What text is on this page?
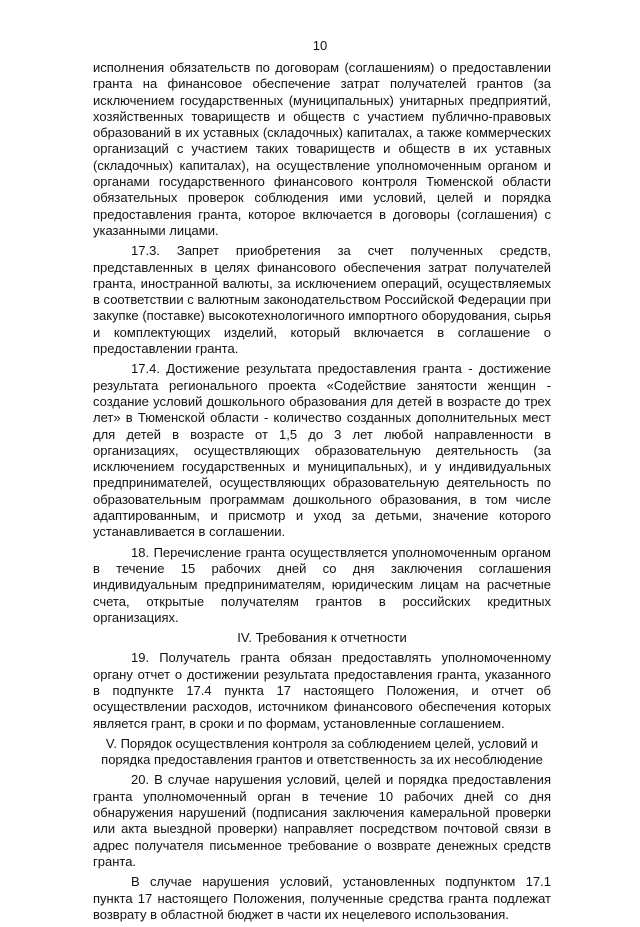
10

исполнения обязательств по договорам (соглашениям) о предоставлении гранта на финансовое обеспечение затрат получателей грантов (за исключением государственных (муниципальных) унитарных предприятий, хозяйственных товариществ и обществ с участием публично-правовых образований в их уставных (складочных) капиталах, а также коммерческих организаций с участием таких товариществ и обществ в их уставных (складочных) капиталах), на осуществление уполномоченным органом и органами государственного финансового контроля Тюменской области обязательных проверок соблюдения ими условий, целей и порядка предоставления гранта, которое включается в договоры (соглашения) с указанными лицами.

17.3. Запрет приобретения за счет полученных средств, представленных в целях финансового обеспечения затрат получателей гранта, иностранной валюты, за исключением операций, осуществляемых в соответствии с валютным законодательством Российской Федерации при закупке (поставке) высокотехнологичного импортного оборудования, сырья и комплектующих изделий, который включается в соглашение о предоставлении гранта.

17.4. Достижение результата предоставления гранта - достижение результата регионального проекта «Содействие занятости женщин - создание условий дошкольного образования для детей в возрасте до трех лет» в Тюменской области - количество созданных дополнительных мест для детей в возрасте от 1,5 до 3 лет любой направленности в организациях, осуществляющих образовательную деятельность (за исключением государственных и муниципальных), и у индивидуальных предпринимателей, осуществляющих образовательную деятельность по образовательным программам дошкольного образования, в том числе адаптированным, и присмотр и уход за детьми, значение которого устанавливается в соглашении.

18. Перечисление гранта осуществляется уполномоченным органом в течение 15 рабочих дней со дня заключения соглашения индивидуальным предпринимателям, юридическим лицам на расчетные счета, открытые получателям грантов в российских кредитных организациях.

IV. Требования к отчетности

19. Получатель гранта обязан предоставлять уполномоченному органу отчет о достижении результата предоставления гранта, указанного в подпункте 17.4 пункта 17 настоящего Положения, и отчет об осуществлении расходов, источником финансового обеспечения которых является грант, в сроки и по формам, установленные соглашением.

V. Порядок осуществления контроля за соблюдением целей, условий и порядка предоставления грантов и ответственность за их несоблюдение

20. В случае нарушения условий, целей и порядка предоставления гранта уполномоченный орган в течение 10 рабочих дней со дня обнаружения нарушений (подписания заключения камеральной проверки или акта выездной проверки) направляет посредством почтовой связи в адрес получателя письменное требование о возврате денежных средств гранта.

В случае нарушения условий, установленных подпунктом 17.1 пункта 17 настоящего Положения, полученные средства гранта подлежат возврату в областной бюджет в части их нецелевого использования.
